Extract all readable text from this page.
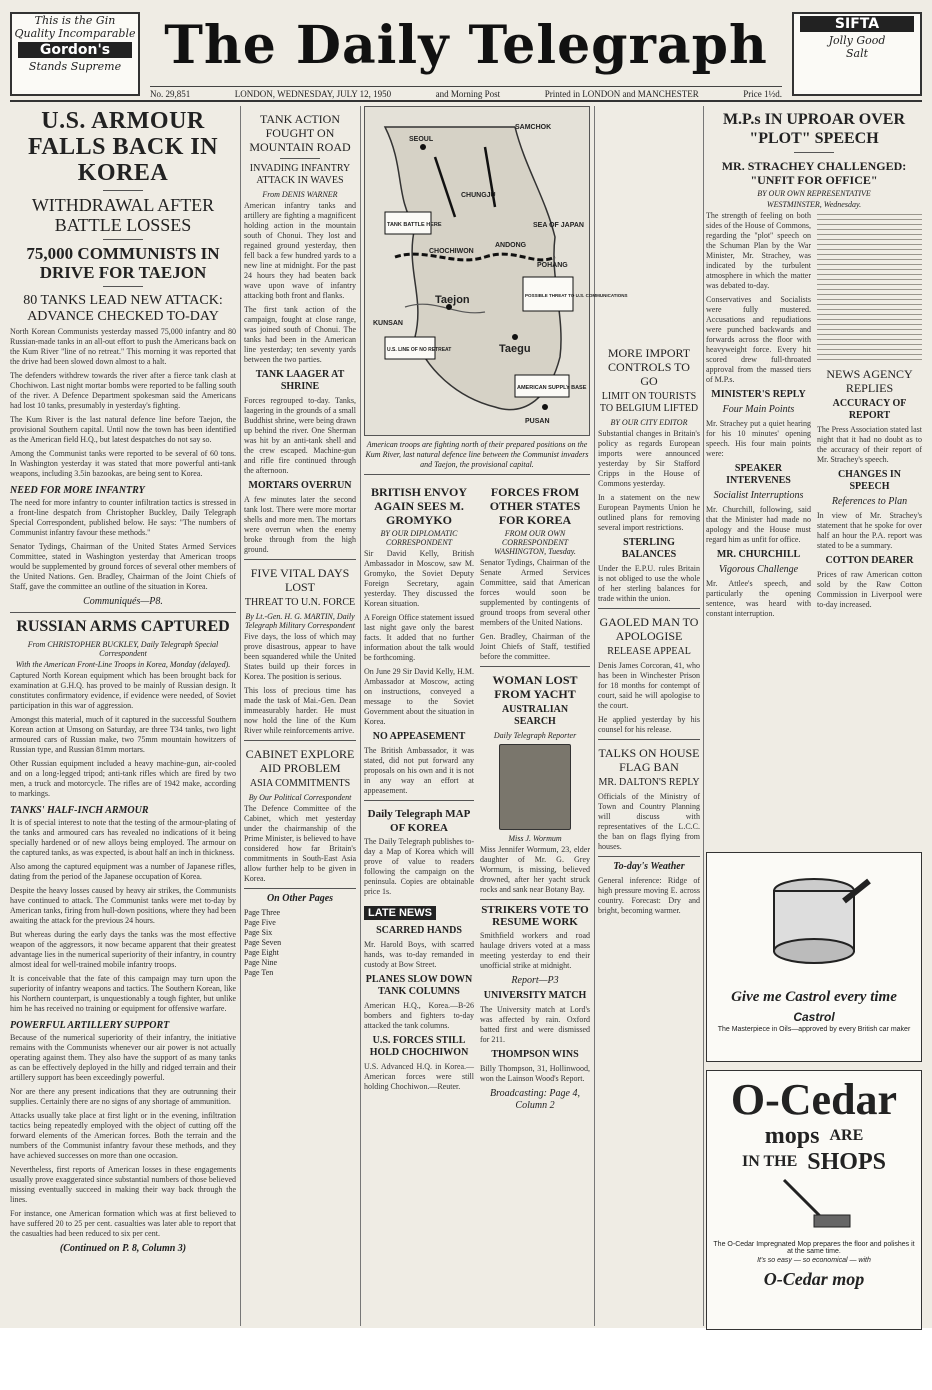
This is the Gin
Quality Incomparable
Gordon's
Stands Supreme
SIFTA
Jolly Good
Salt
The Daily Telegraph
No. 29,851	LONDON, WEDNESDAY, JULY 12, 1950	and Morning Post	Printed in LONDON and MANCHESTER	Price 1½d.
U.S. ARMOUR FALLS BACK IN KOREA
WITHDRAWAL AFTER BATTLE LOSSES
75,000 COMMUNISTS IN DRIVE FOR TAEJON
80 TANKS LEAD NEW ATTACK: ADVANCE CHECKED TO-DAY

North Korean Communists yesterday massed 75,000 infantry and 80 Russian-made tanks in an all-out effort to push the Americans back on the Kum River "line of no retreat." This morning it was reported that the drive had been slowed down almost to a halt.

The defenders withdrew towards the river after a fierce tank clash at Chochiwon. Last night mortar bombs were reported to be falling south of the river. A Defence Department spokesman said the Americans had lost 10 tanks, presumably in yesterday's fighting.

The Kum River is the last natural defence line before Taejon, the provisional Southern capital. Until now the town has been identified as the American field H.Q., but latest despatches do not say so.

Among the Communist tanks were reported to be several of 60 tons. In Washington yesterday it was stated that more powerful anti-tank weapons, including 3.5in bazookas, are being sent to Korea.

NEED FOR MORE INFANTRY

The need for more infantry to counter infiltration tactics is stressed in a front-line despatch from Christopher Buckley, Daily Telegraph Special Correspondent, published below. He says: "The numbers of Communist infantry favour these methods."

Senator Tydings, Chairman of the United States Armed Services Committee, stated in Washington yesterday that American troops would be supplemented by ground forces of several other members of the United Nations. Gen. Bradley, Chairman of the Joint Chiefs of Staff, gave the committee an outline of the situation in Korea.

Communiqués—P8.
RUSSIAN ARMS CAPTURED
From CHRISTOPHER BUCKLEY, Daily Telegraph Special Correspondent
With the American Front-Line Troops in Korea, Monday (delayed).

Captured North Korean equipment which has been brought back for examination at G.H.Q. has proved to be mainly of Russian design. It constitutes confirmatory evidence, if evidence were needed, of Soviet participation in this war of aggression.

Amongst this material, much of it captured in the successful Southern Korean action at Umsong on Saturday, are three T34 tanks, two light armoured cars of Russian make, two 75mm mountain howitzers of Russian type, and Russian 81mm mortars.

Other Russian equipment included a heavy machine-gun, air-cooled and on a long-legged tripod; anti-tank rifles which are fired by two men, a truck and motorcycle. The rifles are of 1942 make, according to markings.

TANKS' HALF-INCH ARMOUR

It is of special interest to note that the testing of the armour-plating of the tanks and armoured cars has revealed no indications of it being specially hardened or of new alloys being employed. The armour on the captured tanks, as was expected, is about half an inch in thickness.

Also among the captured equipment was a number of Japanese rifles, dating from the period of the Japanese occupation of Korea.

Despite the heavy losses caused by heavy air strikes, the Communists have continued to attack. The Communist tanks were met to-day by American tanks, firing from hull-down positions, where they had been awaiting the attack for the previous 24 hours.

But whereas during the early days the tanks was the most effective weapon of the aggressors, it now became apparent that their greatest advantage lies in the numerical superiority of their infantry, in country almost ideal for well-trained mobile infantry troops.

It is conceivable that the fate of this campaign may turn upon the superiority of infantry weapons and tactics. The Southern Korean, like his Northern counterpart, is unquestionably a tough fighter, but unlike him he has received no training or equipment for offensive warfare.

POWERFUL ARTILLERY SUPPORT

Because of the numerical superiority of their infantry, the initiative remains with the Communists whenever our air power is not actually operating against them. They also have the support of as many tanks as can be effectively deployed in the hilly and ridged terrain and their artillery support has been exceedingly powerful.

Nor are there any present indications that they are outrunning their supplies. Certainly there are no signs of any shortage of ammunition.

Attacks usually take place at first light or in the evening, infiltration tactics being repeatedly employed with the object of cutting off the forward elements of the American forces. Both the terrain and the numbers of the Communist infantry favour these methods, and they have achieved successes on more than one occasion.

Nevertheless, first reports of American losses in these engagements usually prove exaggerated since substantial numbers of those believed missing eventually succeed in making their way back through the lines.

For instance, one American formation which was at first believed to have suffered 20 to 25 per cent. casualties was later able to report that the casualties had been reduced to six per cent.

(Continued on P. 8, Column 3)
TANK ACTION FOUGHT ON MOUNTAIN ROAD
INVADING INFANTRY ATTACK IN WAVES
From DENIS WARNER

American infantry tanks and artillery are fighting a magnificent holding action in the mountain south of Chonui. They lost and regained ground yesterday, then fell back a few hundred yards to a new line at midnight. For the past 24 hours they had beaten back wave upon wave of infantry attacking both front and flanks.

The first tank action of the campaign, fought at close range, was joined south of Chonui. The tanks had been in the American line yesterday; ten seventy yards between the two parties.

TANK LAAGER AT SHRINE

Forces regrouped to-day. Tanks, laagering in the grounds of a small Buddhist shrine, were being drawn up behind the river. One Sherman was hit by an anti-tank shell and the crew escaped. Machine-gun and rifle fire continued through the afternoon.

MORTARS OVERRUN

A few minutes later the second tank lost. There were more mortar shells and more men. The mortars were overrun when the enemy broke through from the high ground.

FIVE VITAL DAYS LOST
THREAT TO U.N. FORCE
By Lt.-Gen. H. G. MARTIN, Daily Telegraph Military Correspondent

Five days, the loss of which may prove disastrous, appear to have been squandered while the United States build up their forces in Korea. The position is serious.

This loss of precious time has made the task of Mai.-Gen. Dean immeasurably harder. He must now hold the line of the Kum River while reinforcements arrive.

CABINET EXPLORE AID PROBLEM
ASIA COMMITMENTS
By Our Political Correspondent

The Defence Committee of the Cabinet, which met yesterday under the chairmanship of the Prime Minister, is believed to have considered how far Britain's commitments in South-East Asia allow further help to be given in Korea.

On Other Pages

Page Three

Page Five

Page Six

Page Seven

Page Eight

Page Nine

Page Ten

SEOUL
SAMCHOK
CHUNGJU
CHOCHIWON
Taejon
KUNSAN
Taegu
PUSAN
SEA OF JAPAN
POHANG
ANDONG
TANK BATTLE HERE
AMERICAN SUPPLY BASE
POSSIBLE THREAT TO U.S. COMMUNICATIONS
U.S. LINE OF NO RETREAT
American troops are fighting north of their prepared positions on the Kum River, last natural defence line between the Communist invaders and Taejon, the provisional capital.
BRITISH ENVOY AGAIN SEES M. GROMYKO
BY OUR DIPLOMATIC CORRESPONDENT

Sir David Kelly, British Ambassador in Moscow, saw M. Gromyko, the Soviet Deputy Foreign Secretary, again yesterday. They discussed the Korean situation.

A Foreign Office statement issued last night gave only the barest facts. It added that no further information about the talk would be forthcoming.

On June 29 Sir David Kelly, H.M. Ambassador at Moscow, acting on instructions, conveyed a message to the Soviet Government about the situation in Korea.

NO APPEASEMENT

The British Ambassador, it was stated, did not put forward any proposals on his own and it is not in any way an effort at appeasement.

Daily Telegraph MAP OF KOREA

The Daily Telegraph publishes to-day a Map of Korea which will prove of value to readers following the campaign on the peninsula. Copies are obtainable price 1s.

LATE NEWS
SCARRED HANDS

Mr. Harold Boys, with scarred hands, was to-day remanded in custody at Bow Street.

PLANES SLOW DOWN TANK COLUMNS

American H.Q., Korea.—B-26 bombers and fighters to-day attacked the tank columns.

U.S. FORCES STILL HOLD CHOCHIWON

U.S. Advanced H.Q. in Korea.—American forces were still holding Chochiwon.—Reuter.

FORCES FROM OTHER STATES FOR KOREA
FROM OUR OWN CORRESPONDENT WASHINGTON, Tuesday.

Senator Tydings, Chairman of the Senate Armed Services Committee, said that American forces would soon be supplemented by contingents of ground troops from several other members of the United Nations.

Gen. Bradley, Chairman of the Joint Chiefs of Staff, testified before the committee.

WOMAN LOST FROM YACHT
AUSTRALIAN SEARCH
Daily Telegraph Reporter
Miss J. Wormum

Miss Jennifer Wormum, 23, elder daughter of Mr. G. Grey Wormum, is missing, believed drowned, after her yacht struck rocks and sank near Botany Bay.

STRIKERS VOTE TO RESUME WORK

Smithfield workers and road haulage drivers voted at a mass meeting yesterday to end their unofficial strike at midnight.

Report—P3
UNIVERSITY MATCH

The University match at Lord's was affected by rain. Oxford batted first and were dismissed for 211.

THOMPSON WINS

Billy Thompson, 31, Hollinwood, won the Lainson Wood's Report.

Broadcasting: Page 4, Column 2
MORE IMPORT CONTROLS TO GO
LIMIT ON TOURISTS TO BELGIUM LIFTED
BY OUR CITY EDITOR

Substantial changes in Britain's policy as regards European imports were announced yesterday by Sir Stafford Cripps in the House of Commons yesterday.

In a statement on the new European Payments Union he outlined plans for removing several import restrictions.

STERLING BALANCES

Under the E.P.U. rules Britain is not obliged to use the whole of her sterling balances for trade within the union.

GAOLED MAN TO APOLOGISE
RELEASE APPEAL

Denis James Corcoran, 41, who has been in Winchester Prison for 18 months for contempt of court, said he will apologise to the court.

He applied yesterday by his counsel for his release.

TALKS ON HOUSE FLAG BAN
MR. DALTON'S REPLY

Officials of the Ministry of Town and Country Planning will discuss with representatives of the L.C.C. the ban on flags flying from houses.

To-day's Weather

General inference: Ridge of high pressure moving E. across country. Forecast: Dry and bright, becoming warmer.

M.P.s IN UPROAR OVER "PLOT" SPEECH
MR. STRACHEY CHALLENGED: "UNFIT FOR OFFICE"
BY OUR OWN REPRESENTATIVE
WESTMINSTER, Wednesday.

The strength of feeling on both sides of the House of Commons, regarding the "plot" speech on the Schuman Plan by the War Minister, Mr. Strachey, was indicated by the turbulent atmosphere in which the matter was debated to-day.

Conservatives and Socialists were fully mustered. Accusations and repudiations were punched backwards and forwards across the floor with heavyweight force. Every hit scored drew full-throated approval from the massed tiers of M.P.s.

MINISTER'S REPLY
Four Main Points

Mr. Strachey put a quiet hearing for his 10 minutes' opening speech. His four main points were:

SPEAKER INTERVENES
Socialist Interruptions

Mr. Churchill, following, said that the Minister had made no apology and the House must regard him as unfit for office.

MR. CHURCHILL
Vigorous Challenge

Mr. Attlee's speech, and particularly the opening sentence, was heard with constant interruption.

NEWS AGENCY REPLIES
ACCURACY OF REPORT

The Press Association stated last night that it had no doubt as to the accuracy of their report of Mr. Strachey's speech.

CHANGES IN SPEECH
References to Plan

In view of Mr. Strachey's statement that he spoke for over half an hour the P.A. report was stated to be a summary.

COTTON DEARER

Prices of raw American cotton sold by the Raw Cotton Commission in Liverpool were to-day increased.

Give me Castrol every time
Castrol
The Masterpiece in Oils—approved by every British car maker
O-Cedar
mops ARE
IN THE SHOPS
The O-Cedar Impregnated Mop prepares the floor and polishes it at the same time.
It's so easy — so economical — with
O-Cedar mop
